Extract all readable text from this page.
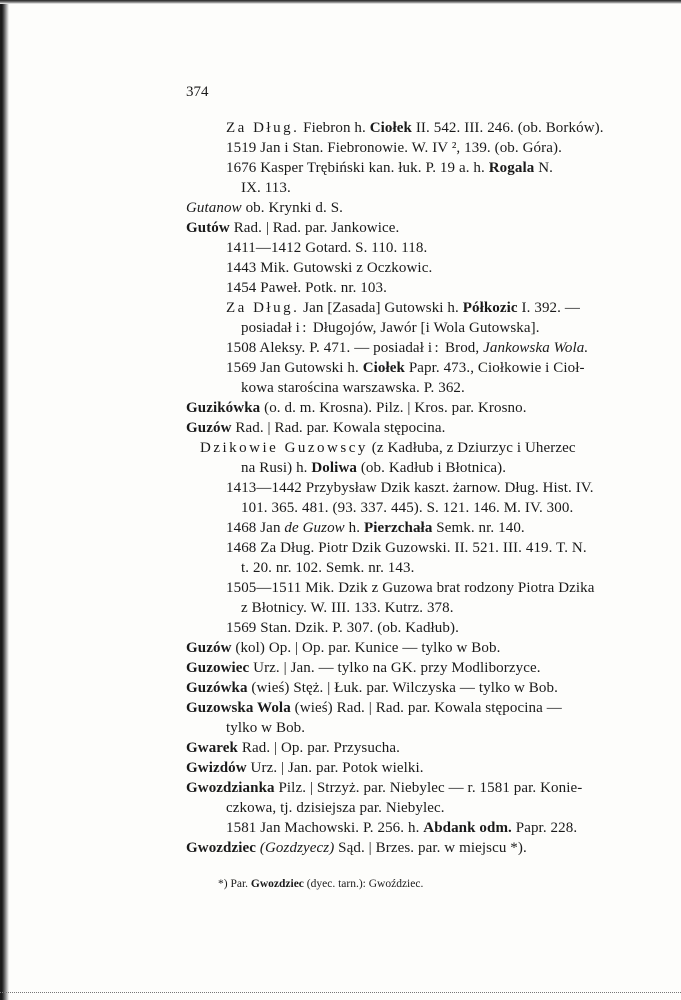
374
Za Dług. Fiebron h. Ciołek II. 542. III. 246. (ob. Borków).
1519 Jan i Stan. Fiebronowie. W. IV ², 139. (ob. Góra).
1676 Kasper Trębiński kan. łuk. P. 19 a. h. Rogala N.
IX. 113.
Gutanow ob. Krynki d. S.
Gutów Rad. | Rad. par. Jankowice.
1411—1412 Gotard. S. 110. 118.
1443 Mik. Gutowski z Oczkowic.
1454 Paweł. Potk. nr. 103.
Za Dług. Jan [Zasada] Gutowski h. Półkozic I. 392. —
posiadał i: Długojów, Jawór [i Wola Gutowska].
1508 Aleksy. P. 471. — posiadał i: Brod, Jankowska Wola.
1569 Jan Gutowski h. Ciołek Papr. 473., Ciołkowie i Cioł-
kowa starościna warszawska. P. 362.
Guzikówka (o. d. m. Krosna). Pilz. | Kros. par. Krosno.
Guzów Rad. | Rad. par. Kowala stępocina.
Dzikowie Guzowscy (z Kadłuba, z Dziurzyc i Uherzec
na Rusi) h. Doliwa (ob. Kadłub i Błotnica).
1413—1442 Przybysław Dzik kaszt. żarnow. Dług. Hist. IV.
101. 365. 481. (93. 337. 445). S. 121. 146. M. IV. 300.
1468 Jan de Guzow h. Pierzchała Semk. nr. 140.
1468 Za Dług. Piotr Dzik Guzowski. II. 521. III. 419. T. N.
t. 20. nr. 102. Semk. nr. 143.
1505—1511 Mik. Dzik z Guzowa brat rodzony Piotra Dzika
z Błotnicy. W. III. 133. Kutrz. 378.
1569 Stan. Dzik. P. 307. (ob. Kadłub).
Guzów (kol) Op. | Op. par. Kunice — tylko w Bob.
Guzowiec Urz. | Jan. — tylko na GK. przy Modliborzyce.
Guzówka (wieś) Stęż. | Łuk. par. Wilczyska — tylko w Bob.
Guzowska Wola (wieś) Rad. | Rad. par. Kowala stępocina —
tylko w Bob.
Gwarek Rad. | Op. par. Przysucha.
Gwizdów Urz. | Jan. par. Potok wielki.
Gwozdzianka Pilz. | Strzyż. par. Niebylec — r. 1581 par. Konie-
czkowa, tj. dzisiejsza par. Niebylec.
1581 Jan Machowski. P. 256. h. Abdank odm. Papr. 228.
Gwozdziec (Gozdzyecz) Sąd. | Brzes. par. w miejscu *).
*) Par. Gwozdziec (dyec. tarn.): Gwoździec.
